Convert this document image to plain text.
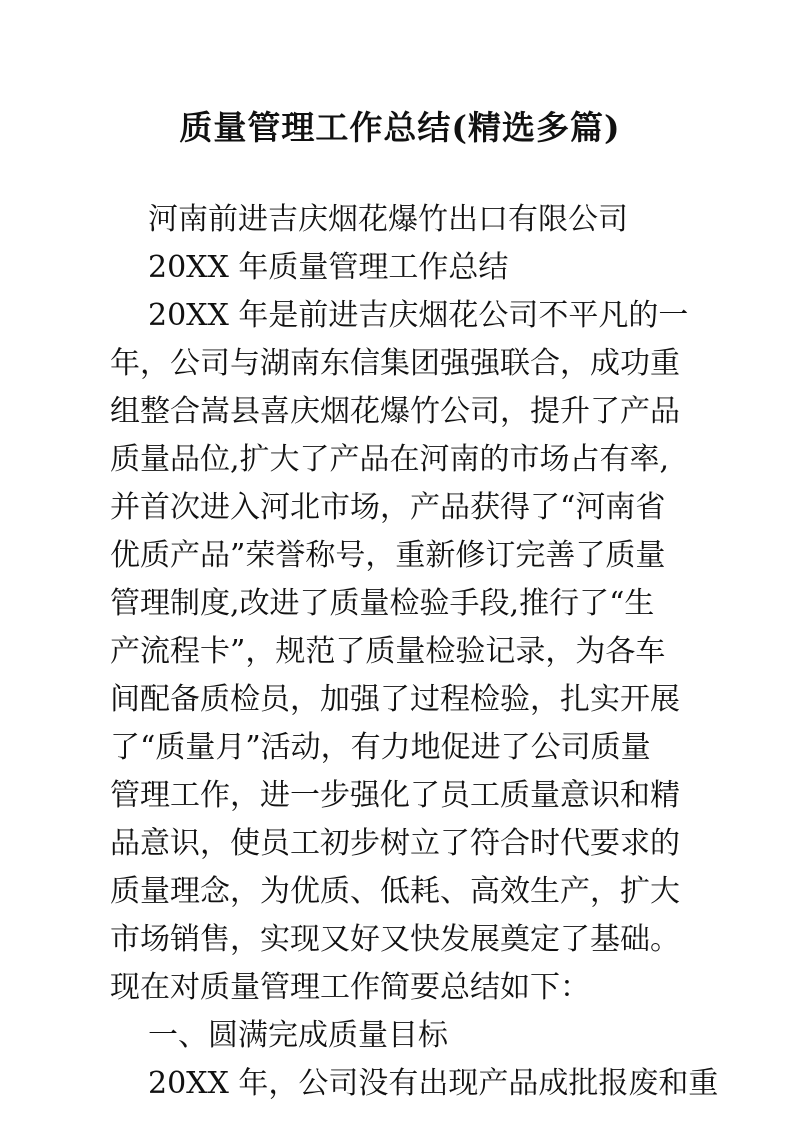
质量管理工作总结(精选多篇)
河南前进吉庆烟花爆竹出口有限公司
20XX 年质量管理工作总结
20XX 年是前进吉庆烟花公司不平凡的一
年，公司与湖南东信集团强强联合，成功重
组整合嵩县喜庆烟花爆竹公司，提升了产品
质量品位,扩大了产品在河南的市场占有率,
并首次进入河北市场，产品获得了“河南省
优质产品”荣誉称号，重新修订完善了质量
管理制度,改进了质量检验手段,推行了“生
产流程卡”，规范了质量检验记录，为各车
间配备质检员，加强了过程检验，扎实开展
了“质量月”活动，有力地促进了公司质量
管理工作，进一步强化了员工质量意识和精
品意识，使员工初步树立了符合时代要求的
质量理念，为优质、低耗、高效生产，扩大
市场销售，实现又好又快发展奠定了基础。
现在对质量管理工作简要总结如下：
一、圆满完成质量目标
20XX 年，公司没有出现产品成批报废和重
